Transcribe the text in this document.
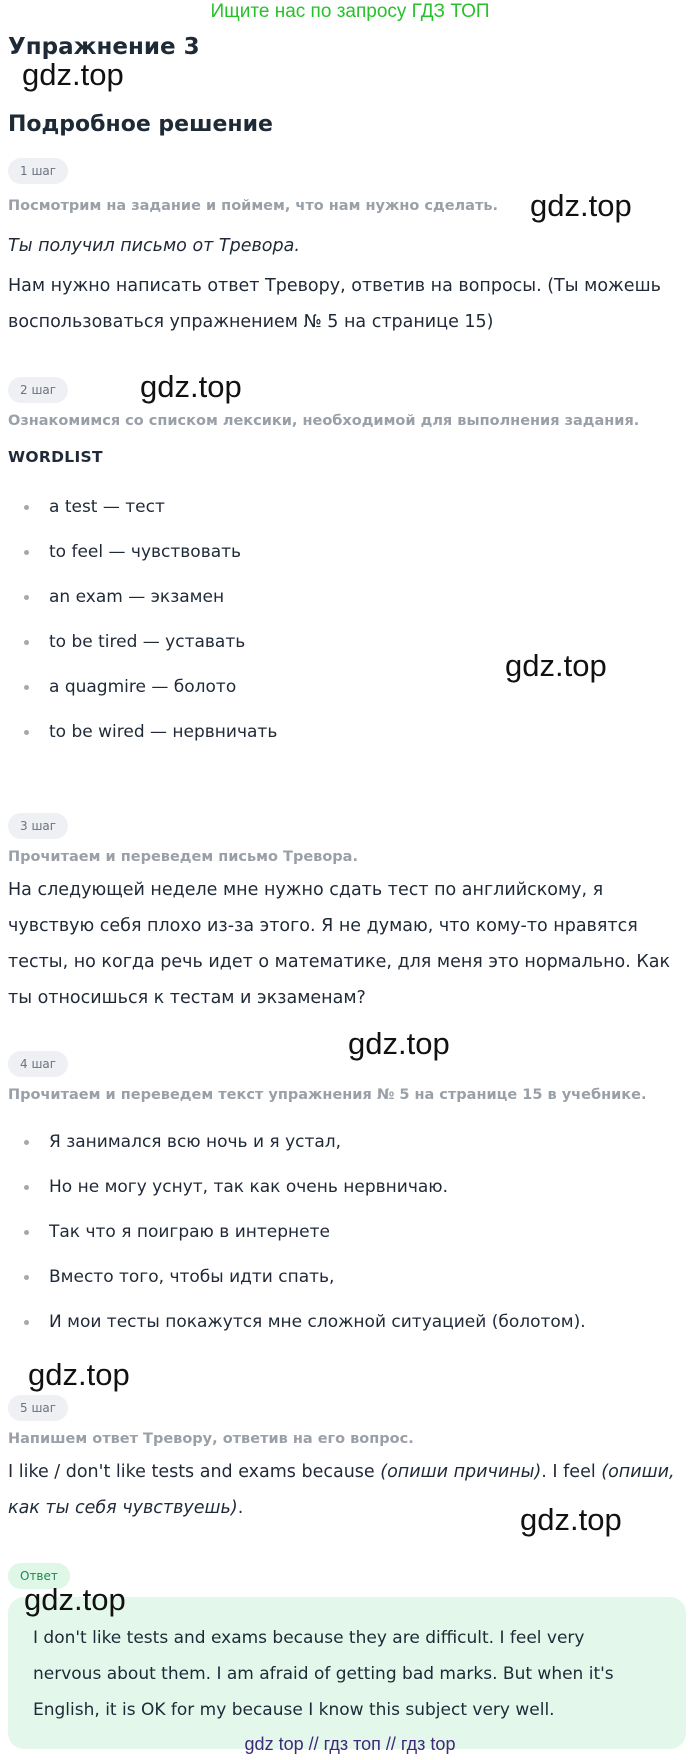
Ищите нас по запросу ГДЗ ТОП
Упражнение 3
gdz.top
Подробное решение
1 шаг

Посмотрим на задание и поймем, что нам нужно сделать. gdz.top

Ты получил письмо от Тревора.

Нам нужно написать ответ Тревору, ответив на вопросы. (Ты можешь воспользоваться упражнением № 5 на странице 15)

2 шаг	gdz.top

Ознакомимся со списком лексики, необходимой для выполнения задания.

WORDLIST

a test — тест
to feel — чувствовать
an exam — экзамен
to be tired — уставать
a quagmire — болото
to be wired — нервничать
gdz.top
3 шаг

Прочитаем и переведем письмо Тревора.

На следующей неделе мне нужно сдать тест по английскому, я чувствую себя плохо из-за этого. Я не думаю, что кому-то нравятся тесты, но когда речь идет о математике, для меня это нормально. Как ты относишься к тестам и экзаменам?

gdz.top
4 шаг

Прочитаем и переведем текст упражнения № 5 на странице 15 в учебнике.

Я занимался всю ночь и я устал,
Но не могу уснут, так как очень нервничаю.
Так что я поиграю в интернете
Вместо того, чтобы идти спать,
И мои тесты покажутся мне сложной ситуацией (болотом).
gdz.top
5 шаг

Напишем ответ Тревору, ответив на его вопрос.

I like / don't like tests and exams because (опиши причины). I feel (опиши, как ты себя чувствуешь).	gdz.top
Ответ
gdz.top

I don't like tests and exams because they are difficult. I feel very nervous about them. I am afraid of getting bad marks. But when it's English, it is OK for my because I know this subject very well.

gdz top // гдз топ // гдз top
